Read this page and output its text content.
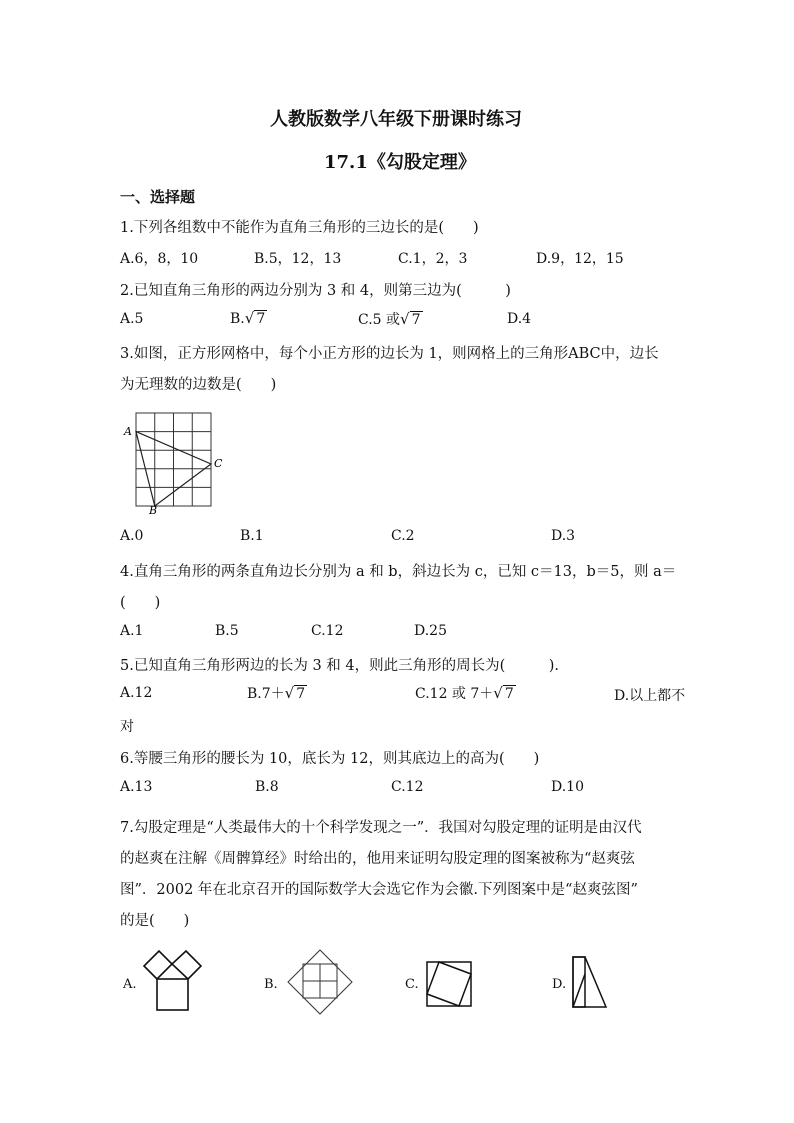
人教版数学八年级下册课时练习
17.1《勾股定理》
一、选择题
1.下列各组数中不能作为直角三角形的三边长的是(　　)
A.6，8，10	B.5，12，13	C.1，2，3	D.9，12，15
2.已知直角三角形的两边分别为 3 和 4，则第三边为(　　　)
A.5	B.√ 7	C.5 或√ 7	D.4
3.如图，正方形网格中，每个小正方形的边长为 1，则网格上的三角形ABC中，边长
为无理数的边数是(　　)
A
C
B
A.0	B.1	C.2	D.3
4.直角三角形的两条直角边长分别为 a 和 b，斜边长为 c，已知 c＝13，b＝5，则 a＝
(　　)
A.1	B.5	C.12	D.25
5.已知直角三角形两边的长为 3 和 4，则此三角形的周长为(　　　).
A.12	B.7＋√ 7	C.12 或 7＋√ 7	D.以上都不
对
6.等腰三角形的腰长为 10，底长为 12，则其底边上的高为(　　)
A.13	B.8	C.12	D.10
7.勾股定理是“人类最伟大的十个科学发现之一”．我国对勾股定理的证明是由汉代
的赵爽在注解《周髀算经》时给出的，他用来证明勾股定理的图案被称为“赵爽弦
图”．2002 年在北京召开的国际数学大会选它作为会徽.下列图案中是“赵爽弦图”
的是(　　)
A.	B.	C.	D.
